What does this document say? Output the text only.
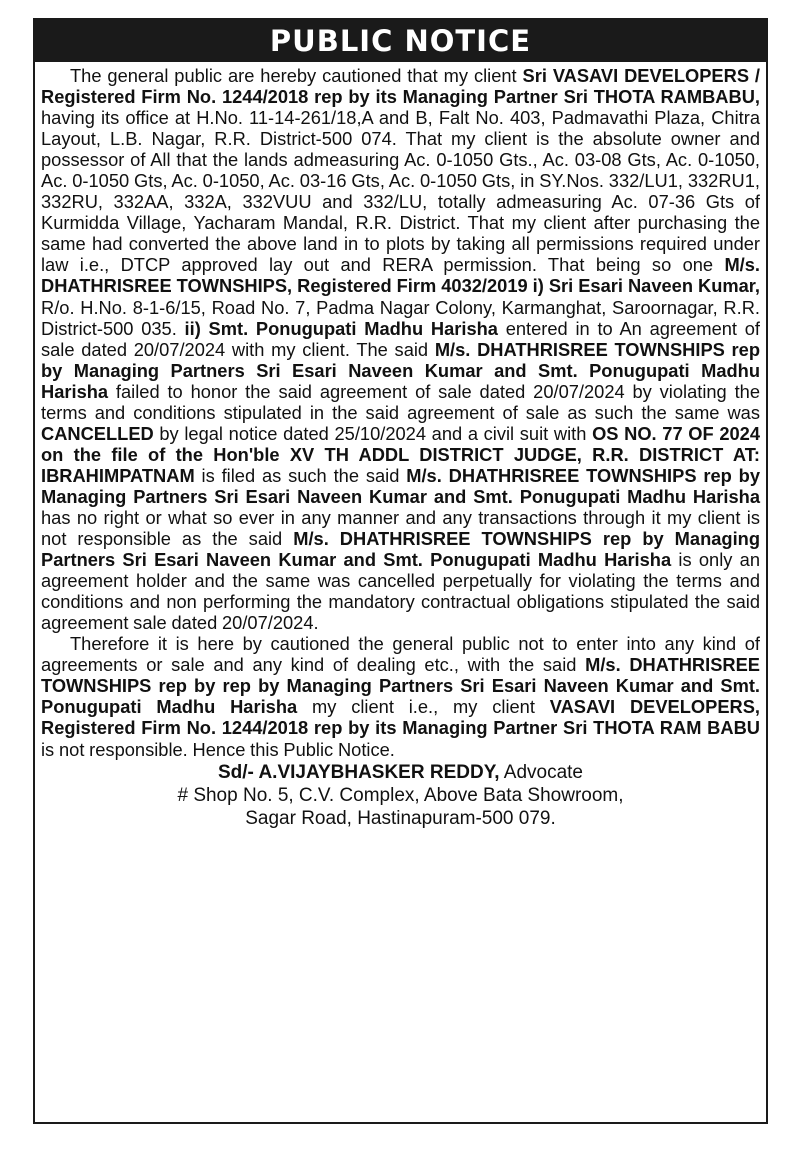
PUBLIC NOTICE

The general public are hereby cautioned that my client Sri VASAVI DEVELOPERS / Registered Firm No. 1244/2018 rep by its Managing Partner Sri THOTA RAMBABU, having its office at H.No. 11-14-261/18,A and B, Falt No. 403, Padmavathi Plaza, Chitra Layout, L.B. Nagar, R.R. District-500 074. That my client is the absolute owner and possessor of All that the lands admeasuring Ac. 0-1050 Gts., Ac. 03-08 Gts, Ac. 0-1050, Ac. 0-1050 Gts, Ac. 0-1050, Ac. 03-16 Gts, Ac. 0-1050 Gts, in SY.Nos. 332/LU1, 332RU1, 332RU, 332AA, 332A, 332VUU and 332/LU, totally admeasuring Ac. 07-36 Gts of Kurmidda Village, Yacharam Mandal, R.R. District. That my client after purchasing the same had converted the above land in to plots by taking all permissions required under law i.e., DTCP approved lay out and RERA permission. That being so one M/s. DHATHRISREE TOWNSHIPS, Registered Firm 4032/2019 i) Sri Esari Naveen Kumar, R/o. H.No. 8-1-6/15, Road No. 7, Padma Nagar Colony, Karmanghat, Saroornagar, R.R. District-500 035. ii) Smt. Ponugupati Madhu Harisha entered in to An agreement of sale dated 20/07/2024 with my client. The said M/s. DHATHRISREE TOWNSHIPS rep by Managing Partners Sri Esari Naveen Kumar and Smt. Ponugupati Madhu Harisha failed to honor the said agreement of sale dated 20/07/2024 by violating the terms and conditions stipulated in the said agreement of sale as such the same was CANCELLED by legal notice dated 25/10/2024 and a civil suit with OS NO. 77 OF 2024 on the file of the Hon'ble XV TH ADDL DISTRICT JUDGE, R.R. DISTRICT AT: IBRAHIMPATNAM is filed as such the said M/s. DHATHRISREE TOWNSHIPS rep by Managing Partners Sri Esari Naveen Kumar and Smt. Ponugupati Madhu Harisha has no right or what so ever in any manner and any transactions through it my client is not responsible as the said M/s. DHATHRISREE TOWNSHIPS rep by Managing Partners Sri Esari Naveen Kumar and Smt. Ponugupati Madhu Harisha is only an agreement holder and the same was cancelled perpetually for violating the terms and conditions and non performing the mandatory contractual obligations stipulated the said agreement sale dated 20/07/2024.

Therefore it is here by cautioned the general public not to enter into any kind of agreements or sale and any kind of dealing etc., with the said M/s. DHATHRISREE TOWNSHIPS rep by rep by Managing Partners Sri Esari Naveen Kumar and Smt. Ponugupati Madhu Harisha my client i.e., my client VASAVI DEVELOPERS, Registered Firm No. 1244/2018 rep by its Managing Partner Sri THOTA RAM BABU is not responsible. Hence this Public Notice.

Sd/- A.VIJAYBHASKER REDDY, Advocate
# Shop No. 5, C.V. Complex, Above Bata Showroom,
Sagar Road, Hastinapuram-500 079.
